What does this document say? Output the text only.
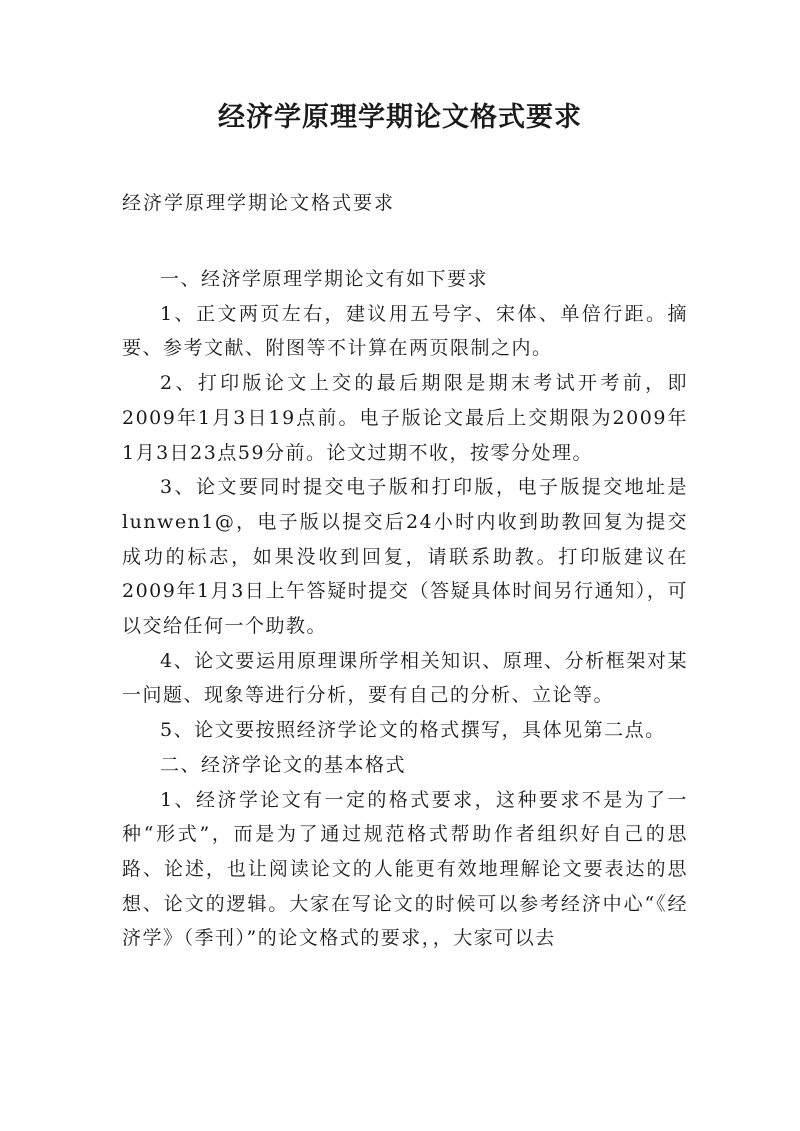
经济学原理学期论文格式要求

经济学原理学期论文格式要求

一、经济学原理学期论文有如下要求

1、正文两页左右，建议用五号字、宋体、单倍行距。摘要、参考文献、附图等不计算在两页限制之内。

2、打印版论文上交的最后期限是期末考试开考前，即2009年1月3日19点前。电子版论文最后上交期限为2009年1月3日23点59分前。论文过期不收，按零分处理。

3、论文要同时提交电子版和打印版，电子版提交地址是lunwen1@，电子版以提交后24小时内收到助教回复为提交成功的标志，如果没收到回复，请联系助教。打印版建议在2009年1月3日上午答疑时提交（答疑具体时间另行通知），可以交给任何一个助教。

4、论文要运用原理课所学相关知识、原理、分析框架对某一问题、现象等进行分析，要有自己的分析、立论等。

5、论文要按照经济学论文的格式撰写，具体见第二点。

二、经济学论文的基本格式

1、经济学论文有一定的格式要求，这种要求不是为了一种“形式”，而是为了通过规范格式帮助作者组织好自己的思路、论述，也让阅读论文的人能更有效地理解论文要表达的思想、论文的逻辑。大家在写论文的时候可以参考经济中心“《经济学》（季刊）”的论文格式的要求，，大家可以去
